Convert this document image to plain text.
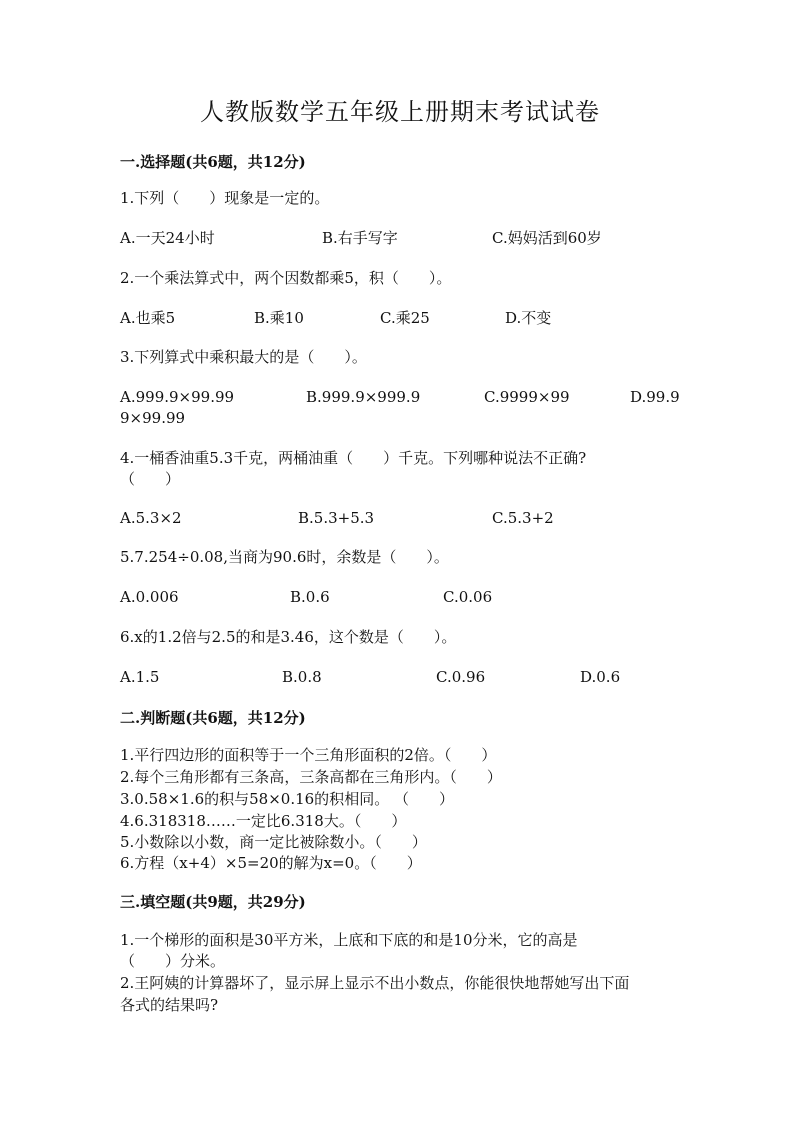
人教版数学五年级上册期末考试试卷
一.选择题(共6题，共12分)
1.下列（　　）现象是一定的。
A.一天24小时	B.右手写字	C.妈妈活到60岁
2.一个乘法算式中，两个因数都乘5，积（　　）。
A.也乘5	B.乘10	C.乘25	D.不变
3.下列算式中乘积最大的是（　　）。
A.999.9×99.99	B.999.9×999.9	C.9999×99	D.99.9
9×99.99
4.一桶香油重5.3千克，两桶油重（　　）千克。下列哪种说法不正确?
（　　）
A.5.3×2	B.5.3+5.3	C.5.3+2
5.7.254÷0.08,当商为90.6时，余数是（　　）。
A.0.006	B.0.6	C.0.06
6.x的1.2倍与2.5的和是3.46，这个数是（　　）。
A.1.5	B.0.8	C.0.96	D.0.6
二.判断题(共6题，共12分)
1.平行四边形的面积等于一个三角形面积的2倍。（　　）
2.每个三角形都有三条高，三条高都在三角形内。（　　）
3.0.58×1.6的积与58×0.16的积相同。 （　　）
4.6.318318……一定比6.318大。（　　）
5.小数除以小数，商一定比被除数小。（　　）
6.方程（x+4）×5=20的解为x=0。（　　）
三.填空题(共9题，共29分)
1.一个梯形的面积是30平方米，上底和下底的和是10分米，它的高是
（　　）分米。
2.王阿姨的计算器坏了，显示屏上显示不出小数点，你能很快地帮她写出下面
各式的结果吗?
